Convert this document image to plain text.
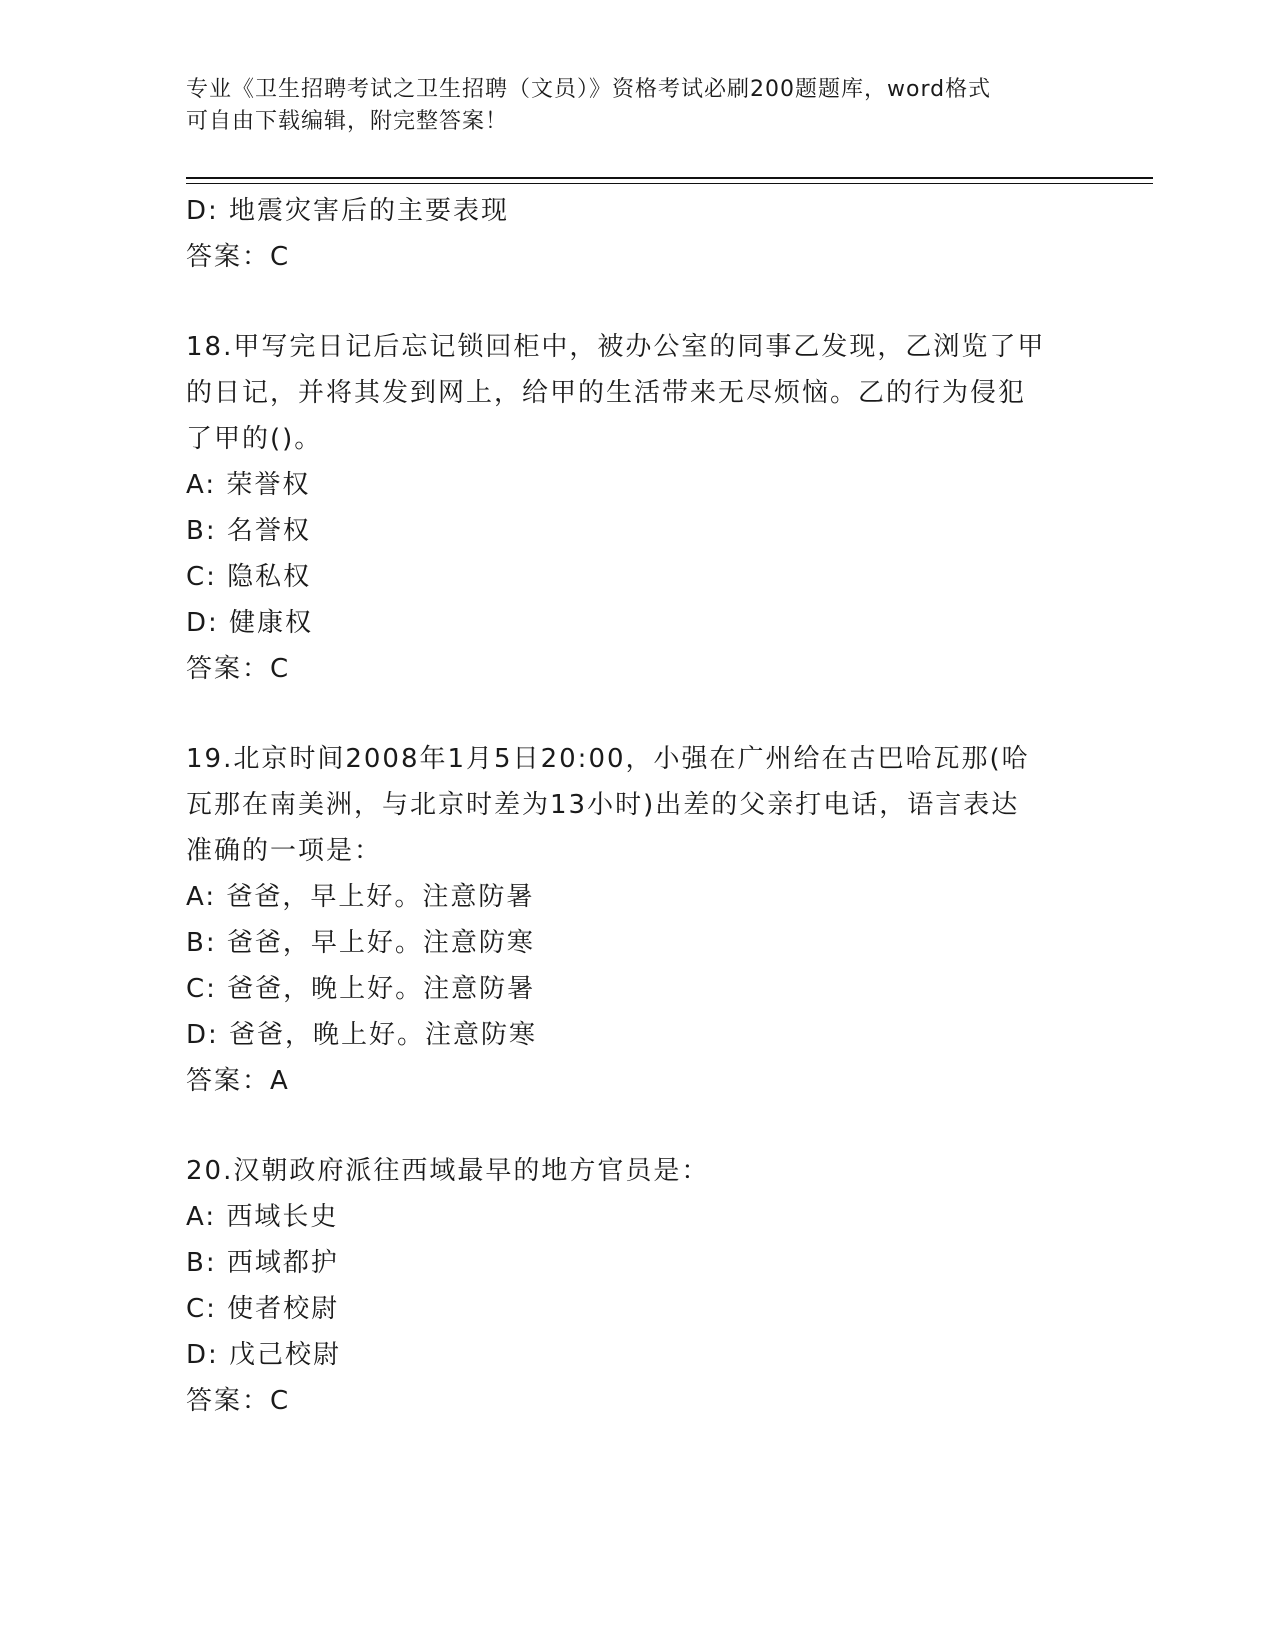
专业《卫生招聘考试之卫生招聘（文员）》资格考试必刷200题题库，word格式
可自由下载编辑，附完整答案！
D: 地震灾害后的主要表现
答案：C
18.甲写完日记后忘记锁回柜中，被办公室的同事乙发现，乙浏览了甲
的日记，并将其发到网上，给甲的生活带来无尽烦恼。乙的行为侵犯
了甲的()。
A: 荣誉权
B: 名誉权
C: 隐私权
D: 健康权
答案：C
19.北京时间2008年1月5日20:00，小强在广州给在古巴哈瓦那(哈
瓦那在南美洲，与北京时差为13小时)出差的父亲打电话，语言表达
准确的一项是：
A: 爸爸，早上好。注意防暑
B: 爸爸，早上好。注意防寒
C: 爸爸，晚上好。注意防暑
D: 爸爸，晚上好。注意防寒
答案：A
20.汉朝政府派往西域最早的地方官员是：
A: 西域长史
B: 西域都护
C: 使者校尉
D: 戊己校尉
答案：C
